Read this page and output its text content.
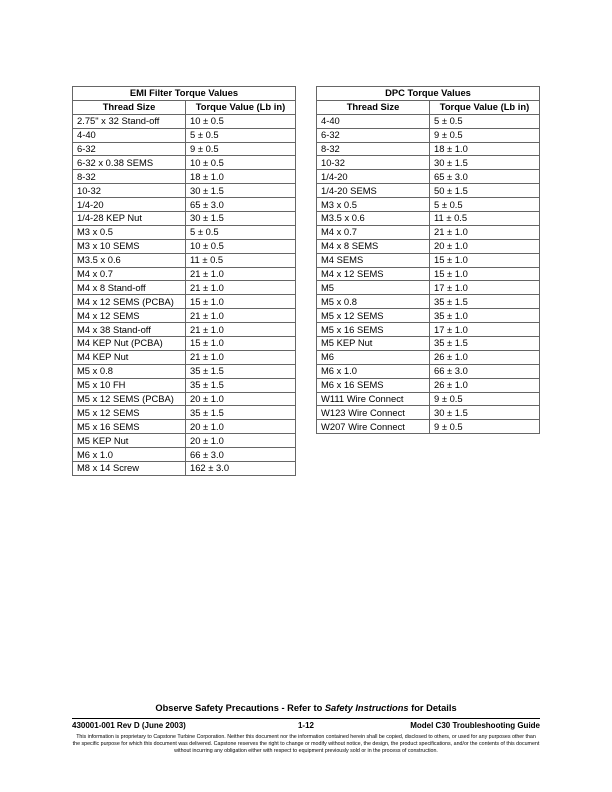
EMI Filter Torque Values	
Thread Size	Torque Value (Lb in)
2.75" x 32 Stand-off	10 ± 0.5
4-40	5 ± 0.5
6-32	9 ± 0.5
6-32 x 0.38 SEMS	10 ± 0.5
8-32	18 ± 1.0
10-32	30 ± 1.5
1/4-20	65 ± 3.0
1/4-28 KEP Nut	30 ± 1.5
M3 x 0.5	5 ± 0.5
M3 x 10 SEMS	10 ± 0.5
M3.5 x 0.6	11 ± 0.5
M4 x 0.7	21 ± 1.0
M4 x 8 Stand-off	21 ± 1.0
M4 x 12 SEMS (PCBA)	15 ± 1.0
M4 x 12 SEMS	21 ± 1.0
M4 x 38 Stand-off	21 ± 1.0
M4 KEP Nut (PCBA)	15 ± 1.0
M4 KEP Nut	21 ± 1.0
M5 x 0.8	35 ± 1.5
M5 x 10 FH	35 ± 1.5
M5 x 12 SEMS (PCBA)	20 ± 1.0
M5 x 12 SEMS	35 ± 1.5
M5 x 16 SEMS	20 ± 1.0
M5 KEP Nut	20 ± 1.0
M6 x 1.0	66 ± 3.0
M8 x 14 Screw	162 ± 3.0
DPC Torque Values	
Thread Size	Torque Value (Lb in)
4-40	5 ± 0.5
6-32	9 ± 0.5
8-32	18 ± 1.0
10-32	30 ± 1.5
1/4-20	65 ± 3.0
1/4-20 SEMS	50 ± 1.5
M3 x 0.5	5 ± 0.5
M3.5 x 0.6	11 ± 0.5
M4 x 0.7	21 ± 1.0
M4 x 8 SEMS	20 ± 1.0
M4 SEMS	15 ± 1.0
M4 x 12 SEMS	15 ± 1.0
M5	17 ± 1.0
M5 x 0.8	35 ± 1.5
M5 x 12 SEMS	35 ± 1.0
M5 x 16 SEMS	17 ± 1.0
M5 KEP Nut	35 ± 1.5
M6	26 ± 1.0
M6 x 1.0	66 ± 3.0
M6 x 16 SEMS	26 ± 1.0
W111 Wire Connect	9 ± 0.5
W123 Wire Connect	30 ± 1.5
W207 Wire Connect	9 ± 0.5
Observe Safety Precautions - Refer to Safety Instructions for Details
430001-001 Rev D (June 2003)	1-12	Model C30 Troubleshooting Guide
This information is proprietary to Capstone Turbine Corporation. Neither this document nor the information contained herein shall be copied, disclosed to others, or used for any purposes other than the specific purpose for which this document was delivered. Capstone reserves the right to change or modify without notice, the design, the product specifications, and/or the contents of this document without incurring any obligation either with respect to equipment previously sold or in the process of construction.
